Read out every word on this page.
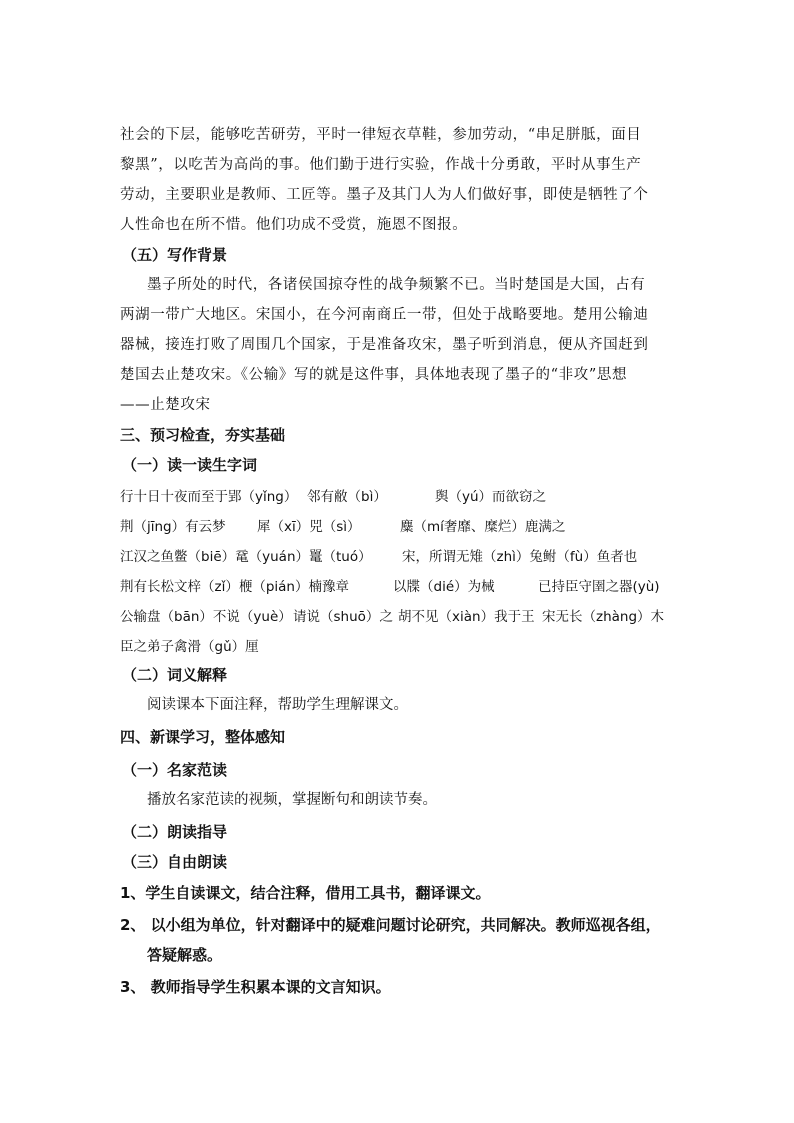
社会的下层，能够吃苦研劳，平时一律短衣草鞋，参加劳动，“串足胼胝，面目
黎黑”，以吃苦为高尚的事。他们勤于进行实验，作战十分勇敢，平时从事生产
劳动，主要职业是教师、工匠等。墨子及其门人为人们做好事，即使是牺牲了个
人性命也在所不惜。他们功成不受赏，施恩不图报。
（五）写作背景
墨子所处的时代，各诸侯国掠夺性的战争频繁不已。当时楚国是大国，占有
两湖一带广大地区。宋国小，在今河南商丘一带，但处于战略要地。楚用公输迪
器械，接连打败了周围几个国家，于是准备攻宋，墨子听到消息，便从齐国赶到
楚国去止楚攻宋。《公输》写的就是这件事，具体地表现了墨子的“非攻”思想
——止楚攻宋
三、预习检查，夯实基础
（一）读一读生字词
行十日十夜而至于郢（yǐng） 邻有敝（bì）	舆（yú）而欲窃之
荆（jīng）有云梦 犀（xī）兕（sì）	麋（mí奢靡、糜烂）鹿满之
江汉之鱼鳖（biē）鼋（yuán）鼍（tuó） 宋，所谓无雉（zhì）兔鲋（fù）鱼者也
荆有长松文梓（zǐ）楩（pián）楠豫章	以牒（dié）为械	已持臣守圉之器(yù)
公输盘（bān）不说（yuè） 请说（shuō）之 胡不见（xiàn）我于王 宋无长（zhàng）木
臣之弟子禽滑（gǔ）厘
（二）词义解释
阅读课本下面注释，帮助学生理解课文。
四、新课学习，整体感知
（一）名家范读
播放名家范读的视频，掌握断句和朗读节奏。
（二）朗读指导
（三）自由朗读
1、学生自读课文，结合注释，借用工具书，翻译课文。
2、 以小组为单位，针对翻译中的疑难问题讨论研究，共同解决。教师巡视各组，
答疑解惑。
3、 教师指导学生积累本课的文言知识。
